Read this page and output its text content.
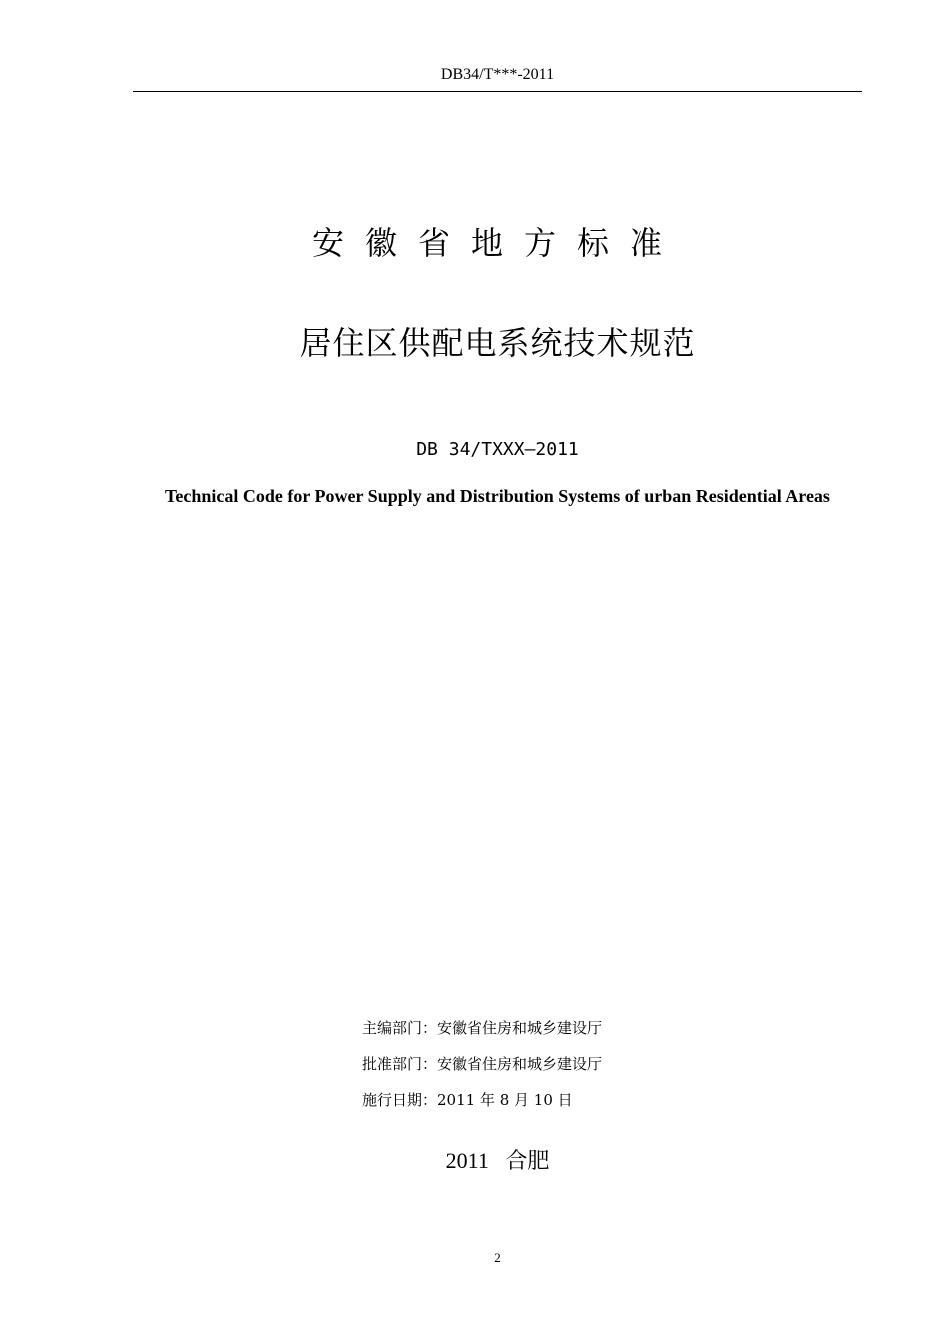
DB34/T***-2011
安徽省地方标准
居住区供配电系统技术规范
DB 34/TXXX—2011
Technical Code for Power Supply and Distribution Systems of urban Residential Areas
主编部门：安徽省住房和城乡建设厅
批准部门：安徽省住房和城乡建设厅
施行日期：2011 年 8 月 10 日
2011   合肥
2
